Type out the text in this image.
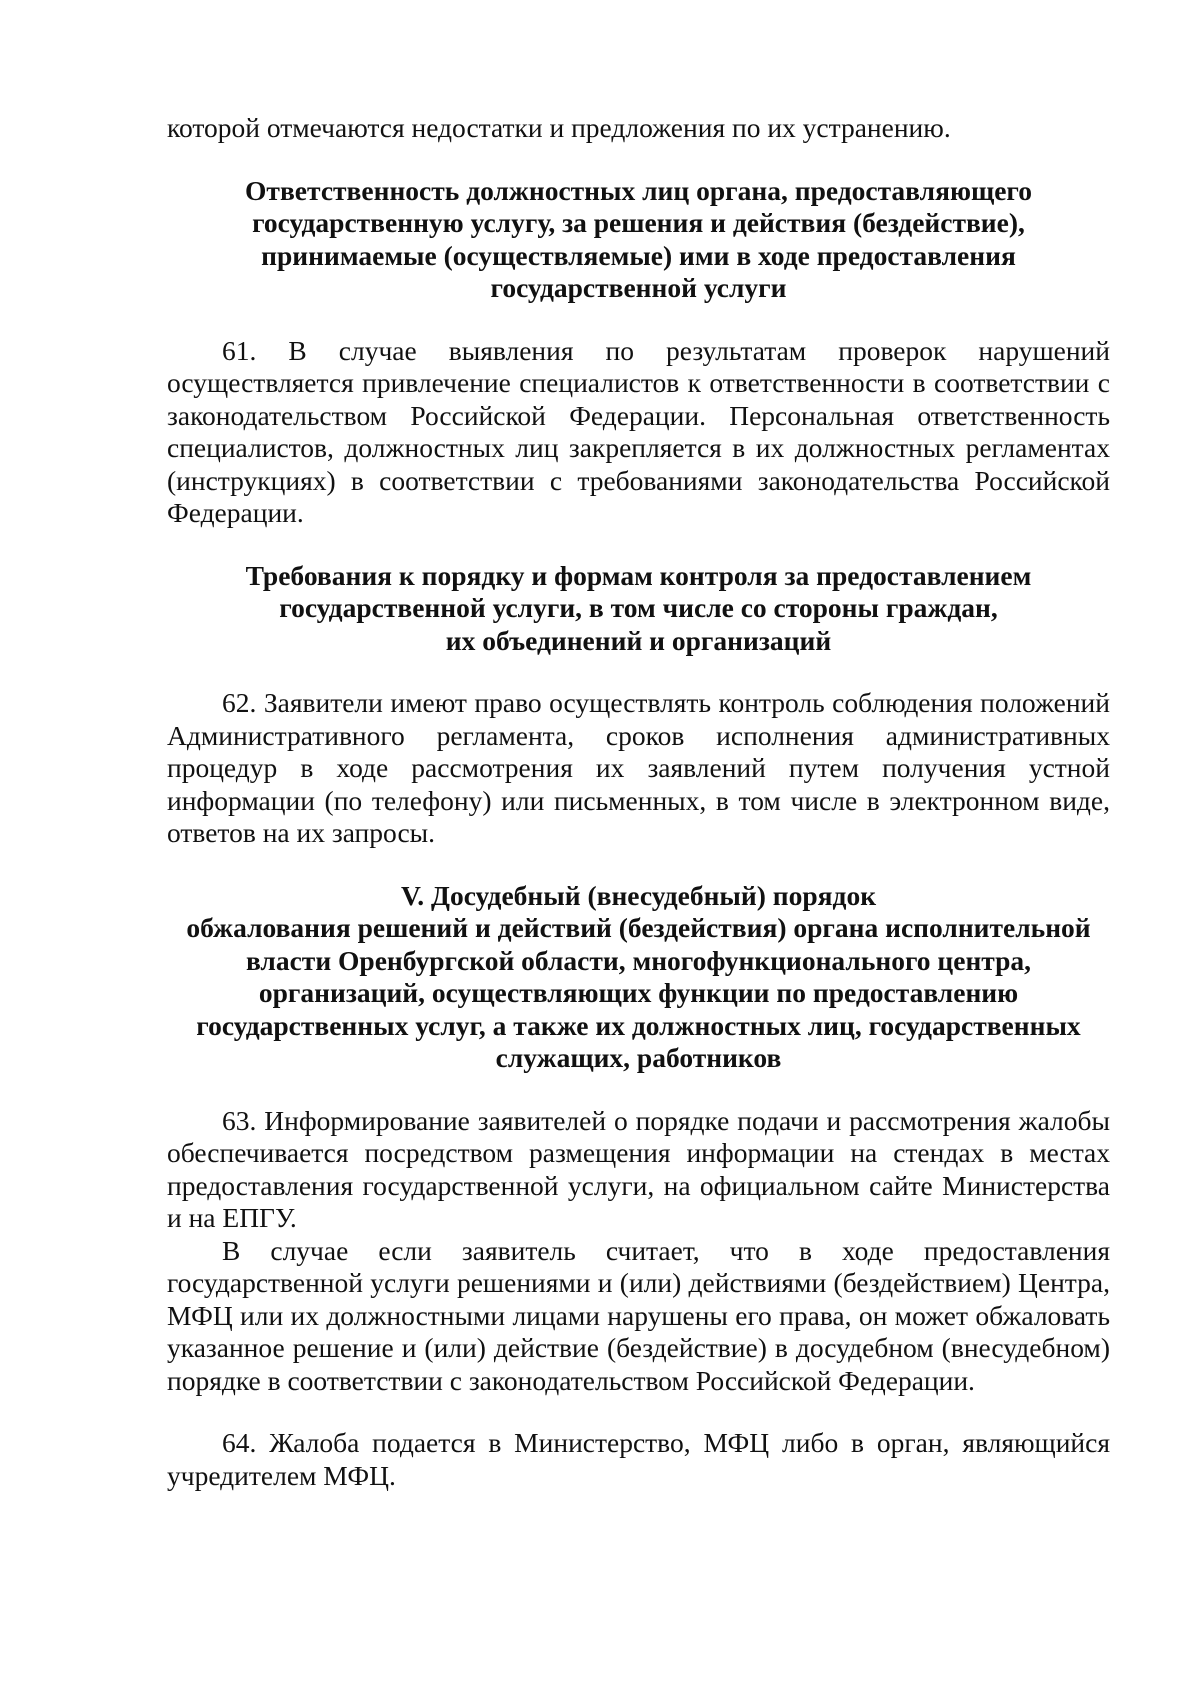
которой отмечаются недостатки и предложения по их устранению.

Ответственность должностных лиц органа, предоставляющего
государственную услугу, за решения и действия (бездействие),
принимаемые (осуществляемые) ими в ходе предоставления
государственной услуги

61. В случае выявления по результатам проверок нарушений осуществляется привлечение специалистов к ответственности в соответствии с законодательством Российской Федерации. Персональная ответственность специалистов, должностных лиц закрепляется в их должностных регламентах (инструкциях) в соответствии с требованиями законодательства Российской Федерации.

Требования к порядку и формам контроля за предоставлением
государственной услуги, в том числе со стороны граждан,
их объединений и организаций

62. Заявители имеют право осуществлять контроль соблюдения положений Административного регламента, сроков исполнения административных процедур в ходе рассмотрения их заявлений путем получения устной информации (по телефону) или письменных, в том числе в электронном виде, ответов на их запросы.

V. Досудебный (внесудебный) порядок
обжалования решений и действий (бездействия) органа исполнительной
власти Оренбургской области, многофункционального центра,
организаций, осуществляющих функции по предоставлению
государственных услуг, а также их должностных лиц, государственных
служащих, работников

63. Информирование заявителей о порядке подачи и рассмотрения жалобы обеспечивается посредством размещения информации на стендах в местах предоставления государственной услуги, на официальном сайте Министерства и на ЕПГУ.

В случае если заявитель считает, что в ходе предоставления государственной услуги решениями и (или) действиями (бездействием) Центра, МФЦ или их должностными лицами нарушены его права, он может обжаловать указанное решение и (или) действие (бездействие) в досудебном (внесудебном) порядке в соответствии с законодательством Российской Федерации.

64. Жалоба подается в Министерство, МФЦ либо в орган, являющийся учредителем МФЦ.
